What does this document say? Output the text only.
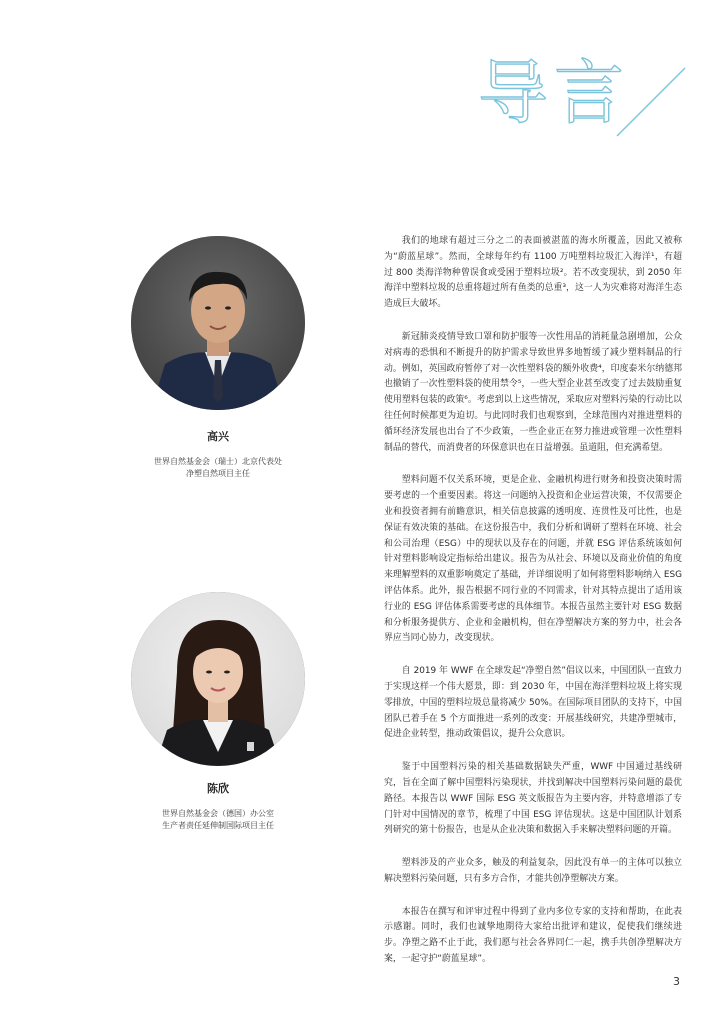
导言
高兴
世界自然基金会（瑞士）北京代表处
净塑自然项目主任
陈欣
世界自然基金会（德国）办公室
生产者责任延伸制国际项目主任

我们的地球有超过三分之二的表面被湛蓝的海水所覆盖，因此又被称为“蔚蓝星球”。然而，全球每年约有 1100 万吨塑料垃圾汇入海洋¹，有超过 800 类海洋物种曾误食或受困于塑料垃圾²。若不改变现状，到 2050 年海洋中塑料垃圾的总重将超过所有鱼类的总重³，这一人为灾难将对海洋生态造成巨大破坏。

新冠肺炎疫情导致口罩和防护服等一次性用品的消耗量急剧增加，公众对病毒的恐惧和不断提升的防护需求导致世界多地暂缓了减少塑料制品的行动。例如，英国政府暂停了对一次性塑料袋的额外收费⁴，印度泰米尔纳德邦也撤销了一次性塑料袋的使用禁令⁵，一些大型企业甚至改变了过去鼓励重复使用塑料包装的政策⁶。考虑到以上这些情况，采取应对塑料污染的行动比以往任何时候都更为迫切。与此同时我们也观察到，全球范围内对推进塑料的循环经济发展也出台了不少政策，一些企业正在努力推进或管理一次性塑料制品的替代，而消费者的环保意识也在日益增强。虽道阻，但充满希望。

塑料问题不仅关系环境，更是企业、金融机构进行财务和投资决策时需要考虑的一个重要因素。将这一问题纳入投资和企业运营决策，不仅需要企业和投资者拥有前瞻意识，相关信息披露的透明度、连贯性及可比性，也是保证有效决策的基础。在这份报告中，我们分析和调研了塑料在环境、社会和公司治理（ESG）中的现状以及存在的问题，并就 ESG 评估系统该如何针对塑料影响设定指标给出建议。报告为从社会、环境以及商业价值的角度来理解塑料的双重影响奠定了基础，并详细说明了如何将塑料影响纳入 ESG 评估体系。此外，报告根据不同行业的不同需求，针对其特点提出了适用该行业的 ESG 评估体系需要考虑的具体细节。本报告虽然主要针对 ESG 数据和分析服务提供方、企业和金融机构，但在净塑解决方案的努力中，社会各界应当同心协力，改变现状。

自 2019 年 WWF 在全球发起“净塑自然”倡议以来，中国团队一直致力于实现这样一个伟大愿景，即：到 2030 年，中国在海洋塑料垃圾上将实现零排放，中国的塑料垃圾总量将减少 50%。在国际项目团队的支持下，中国团队已着手在 5 个方面推进一系列的改变：开展基线研究，共建净塑城市，促进企业转型，推动政策倡议，提升公众意识。

鉴于中国塑料污染的相关基础数据缺失严重，WWF 中国通过基线研究，旨在全面了解中国塑料污染现状，并找到解决中国塑料污染问题的最优路径。本报告以 WWF 国际 ESG 英文版报告为主要内容，并特意增添了专门针对中国情况的章节，梳理了中国 ESG 评估现状。这是中国团队计划系列研究的第十份报告，也是从企业决策和数据入手来解决塑料问题的开篇。

塑料涉及的产业众多，触及的利益复杂，因此没有单一的主体可以独立解决塑料污染问题，只有多方合作，才能共创净塑解决方案。

本报告在撰写和评审过程中得到了业内多位专家的支持和帮助，在此表示感谢。同时，我们也诚挚地期待大家给出批评和建议，促使我们继续进步。净塑之路不止于此，我们愿与社会各界同仁一起，携手共创净塑解决方案，一起守护“蔚蓝星球”。

3
